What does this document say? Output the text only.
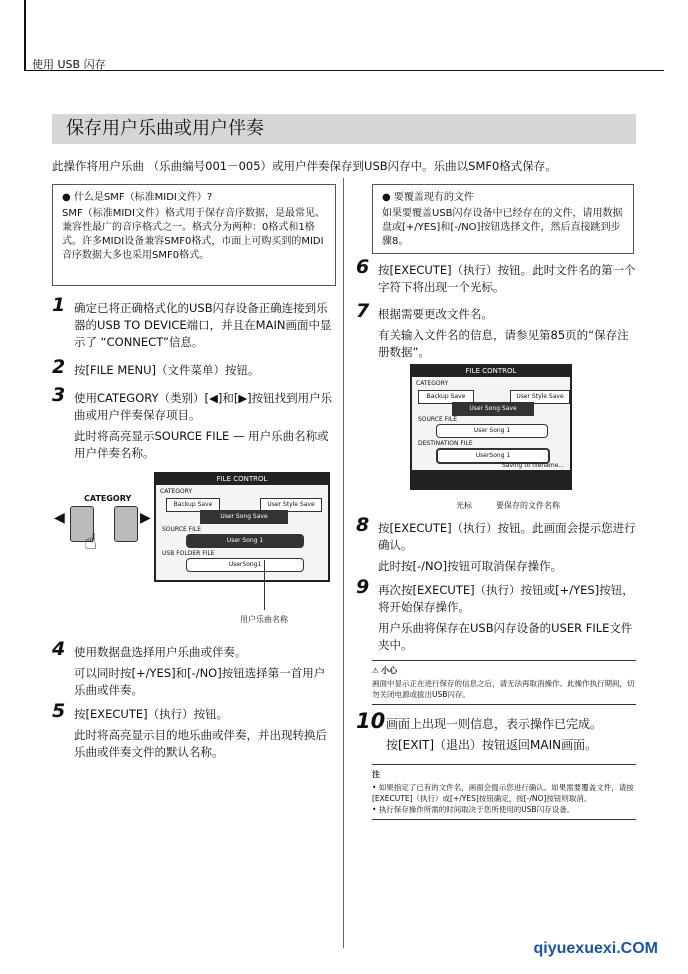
使用 USB 闪存
保存用户乐曲或用户伴奏
此操作将用户乐曲 （乐曲编号001－005）或用户伴奏保存到USB闪存中。乐曲以SMF0格式保存。
● 什么是SMF（标准MIDI文件）?
SMF（标准MIDI文件）格式用于保存音序数据，是最常见、兼容性最广的音序格式之一。格式分为两种：0格式和1格式。许多MIDI设备兼容SMF0格式，市面上可购买到的MIDI音序数据大多也采用SMF0格式。
1 确定已将正确格式化的USB闪存设备正确连接到乐器的USB TO DEVICE端口，并且在MAIN画面中显示了 “CONNECT”信息。
2 按[FILE MENU]（文件菜单）按钮。
3 使用CATEGORY（类别）[◀]和[▶]按钮找到用户乐曲或用户伴奏保存项目。
此时将高亮显示SOURCE FILE — 用户乐曲名称或用户伴奏名称。
CATEGORY
◀	▶
☝
FILE CONTROL
CATEGORY
Backup Save	User Style Save
User Song Save
SOURCE FILE
User Song 1
USB FOLDER FILE
UserSong1
用户乐曲名称
4 使用数据盘选择用户乐曲或伴奏。
可以同时按[+/YES]和[-/NO]按钮选择第一首用户乐曲或伴奏。
5 按[EXECUTE]（执行）按钮。
此时将高亮显示目的地乐曲或伴奏，并出现转换后乐曲或伴奏文件的默认名称。
● 要覆盖现有的文件
如果要覆盖USB闪存设备中已经存在的文件，请用数据盘或[+/YES]和[-/NO]按钮选择文件，然后直接跳到步骤8。
6 按[EXECUTE]（执行）按钮。此时文件名的第一个字符下将出现一个光标。
7 根据需要更改文件名。
有关输入文件名的信息，请参见第85页的“保存注册数据”。
FILE CONTROL
CATEGORY
Backup Save	User Style Save
User Song Save
SOURCE FILE
User Song 1
DESTINATION FILE
UserSong 1
Saving to filename...
光标	要保存的文件名称
8 按[EXECUTE]（执行）按钮。此画面会提示您进行确认。
此时按[-/NO]按钮可取消保存操作。
9 再次按[EXECUTE]（执行）按钮或[+/YES]按钮，将开始保存操作。
用户乐曲将保存在USB闪存设备的USER FILE文件夹中。
⚠ 小心
画面中显示正在进行保存的信息之后，请无法再取消操作。此操作执行期间，切勿关闭电源或拔出USB闪存。
10 画面上出现一则信息，表示操作已完成。
按[EXIT]（退出）按钮返回MAIN画面。
注
• 如果指定了已有的文件名，画面会提示您进行确认。如果需要覆盖文件，请按[EXECUTE]（执行）或[+/YES]按钮确定，按[-/NO]按钮则取消。
• 执行保存操作所需的时间取决于您所使用的USB闪存设备。
qiyuexuexi.COM
